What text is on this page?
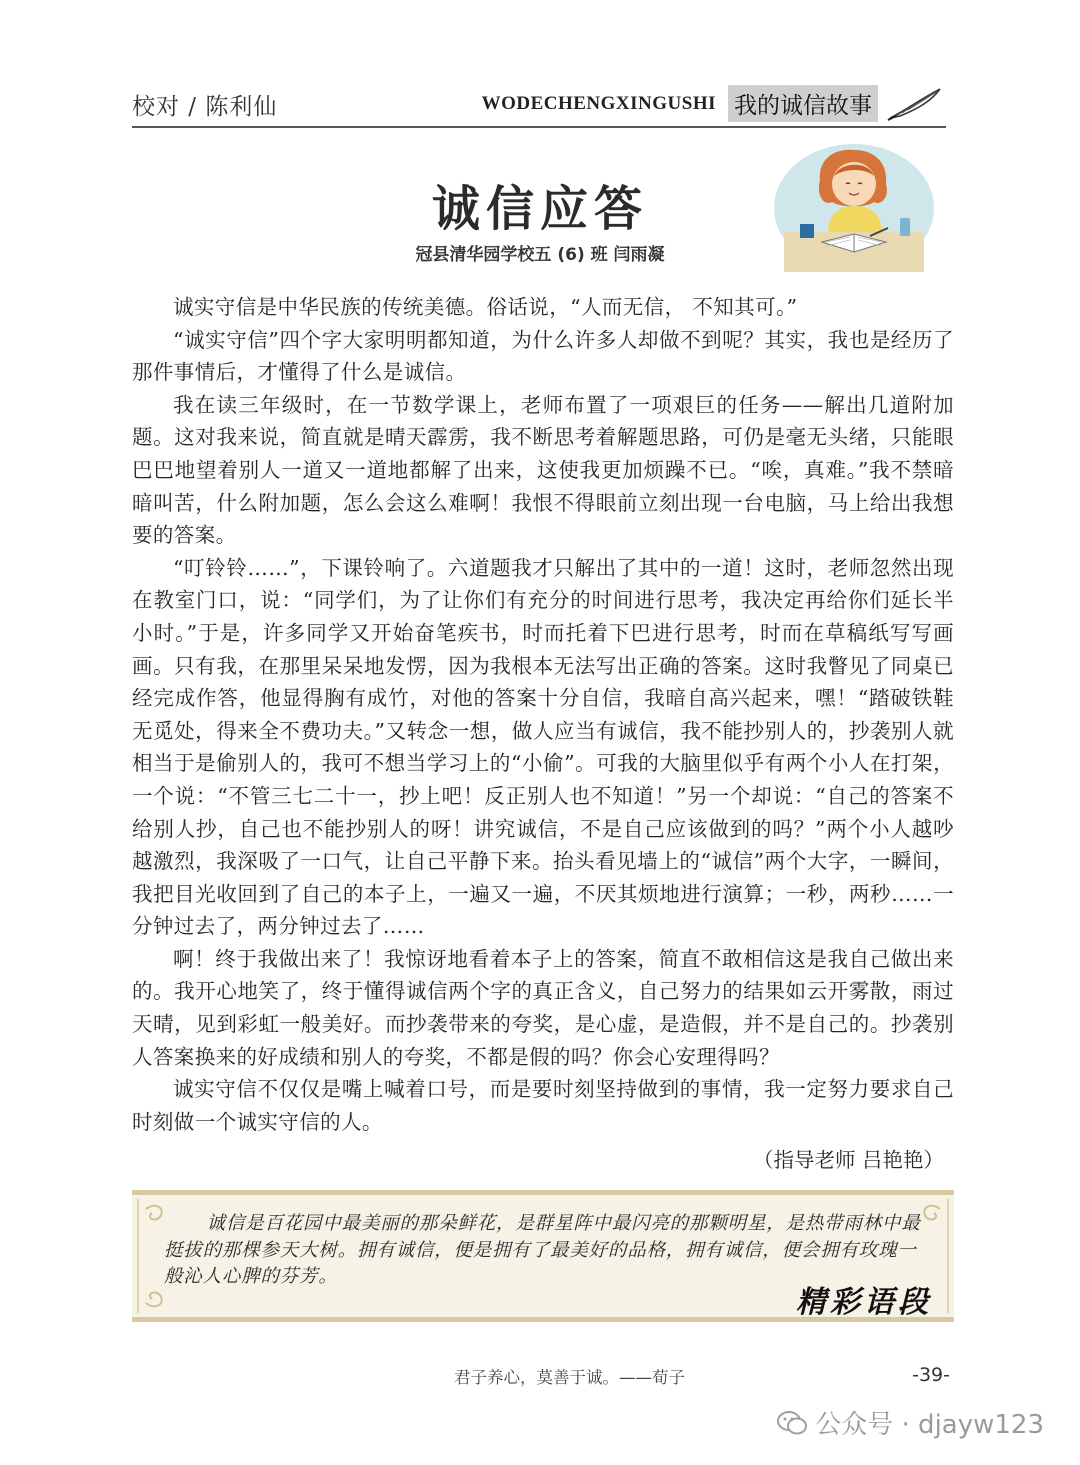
校对 / 陈利仙	WODECHENGXINGUSHI 我的诚信故事
诚信应答
冠县清华园学校五 (6) 班 闫雨凝

诚实守信是中华民族的传统美德。俗话说，“人而无信， 不知其可。”

“诚实守信”四个字大家明明都知道，为什么许多人却做不到呢？其实，我也是经历了那件事情后，才懂得了什么是诚信。

我在读三年级时，在一节数学课上，老师布置了一项艰巨的任务——解出几道附加题。这对我来说，简直就是晴天霹雳，我不断思考着解题思路，可仍是毫无头绪，只能眼巴巴地望着别人一道又一道地都解了出来，这使我更加烦躁不已。“唉，真难。”我不禁暗暗叫苦，什么附加题，怎么会这么难啊！我恨不得眼前立刻出现一台电脑，马上给出我想要的答案。

“叮铃铃……”，下课铃响了。六道题我才只解出了其中的一道！这时，老师忽然出现在教室门口，说：“同学们，为了让你们有充分的时间进行思考，我决定再给你们延长半小时。”于是，许多同学又开始奋笔疾书，时而托着下巴进行思考，时而在草稿纸写写画画。只有我，在那里呆呆地发愣，因为我根本无法写出正确的答案。这时我瞥见了同桌已经完成作答，他显得胸有成竹，对他的答案十分自信，我暗自高兴起来，嘿！“踏破铁鞋无觅处，得来全不费功夫。”又转念一想，做人应当有诚信，我不能抄别人的，抄袭别人就相当于是偷别人的，我可不想当学习上的“小偷”。可我的大脑里似乎有两个小人在打架，一个说：“不管三七二十一，抄上吧！反正别人也不知道！”另一个却说：“自己的答案不给别人抄，自己也不能抄别人的呀！讲究诚信，不是自己应该做到的吗？”两个小人越吵越激烈，我深吸了一口气，让自己平静下来。抬头看见墙上的“诚信”两个大字，一瞬间，我把目光收回到了自己的本子上，一遍又一遍，不厌其烦地进行演算；一秒，两秒……一分钟过去了，两分钟过去了……

啊！终于我做出来了！我惊讶地看着本子上的答案，简直不敢相信这是我自己做出来的。我开心地笑了，终于懂得诚信两个字的真正含义，自己努力的结果如云开雾散，雨过天晴，见到彩虹一般美好。而抄袭带来的夸奖，是心虚，是造假，并不是自己的。抄袭别人答案换来的好成绩和别人的夸奖，不都是假的吗？你会心安理得吗？

诚实守信不仅仅是嘴上喊着口号，而是要时刻坚持做到的事情，我一定努力要求自己时刻做一个诚实守信的人。

（指导老师 吕艳艳）
诚信是百花园中最美丽的那朵鲜花，是群星阵中最闪亮的那颗明星，是热带雨林中最挺拔的那棵参天大树。拥有诚信，便是拥有了最美好的品格，拥有诚信，便会拥有玫瑰一般沁人心脾的芬芳。
精彩语段
君子养心，莫善于诚。——荀子	-39-
公众号 · djayw123
